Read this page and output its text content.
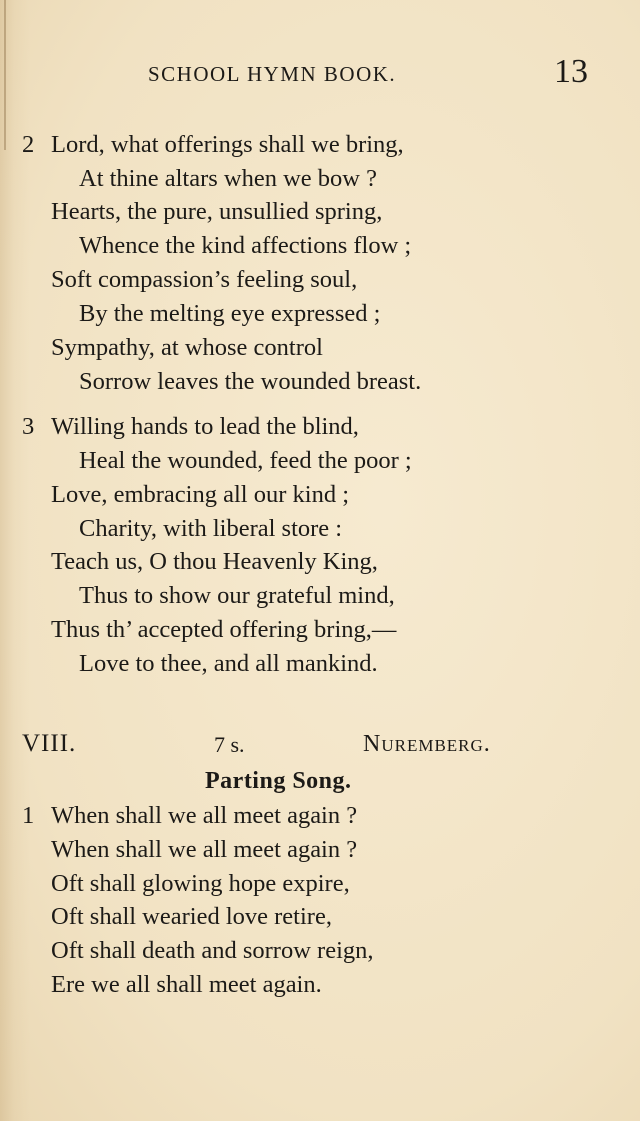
SCHOOL HYMN BOOK.	13
2 Lord, what offerings shall we bring,
At thine altars when we bow ?
Hearts, the pure, unsullied spring,
Whence the kind affections flow ;
Soft compassion’s feeling soul,
By the melting eye expressed ;
Sympathy, at whose control
Sorrow leaves the wounded breast.
3 Willing hands to lead the blind,
Heal the wounded, feed the poor ;
Love, embracing all our kind ;
Charity, with liberal store :
Teach us, O thou Heavenly King,
Thus to show our grateful mind,
Thus th’ accepted offering bring,—
Love to thee, and all mankind.
VIII.	7 s.	Nuremberg.
Parting Song.
1 When shall we all meet again ?
When shall we all meet again ?
Oft shall glowing hope expire,
Oft shall wearied love retire,
Oft shall death and sorrow reign,
Ere we all shall meet again.
